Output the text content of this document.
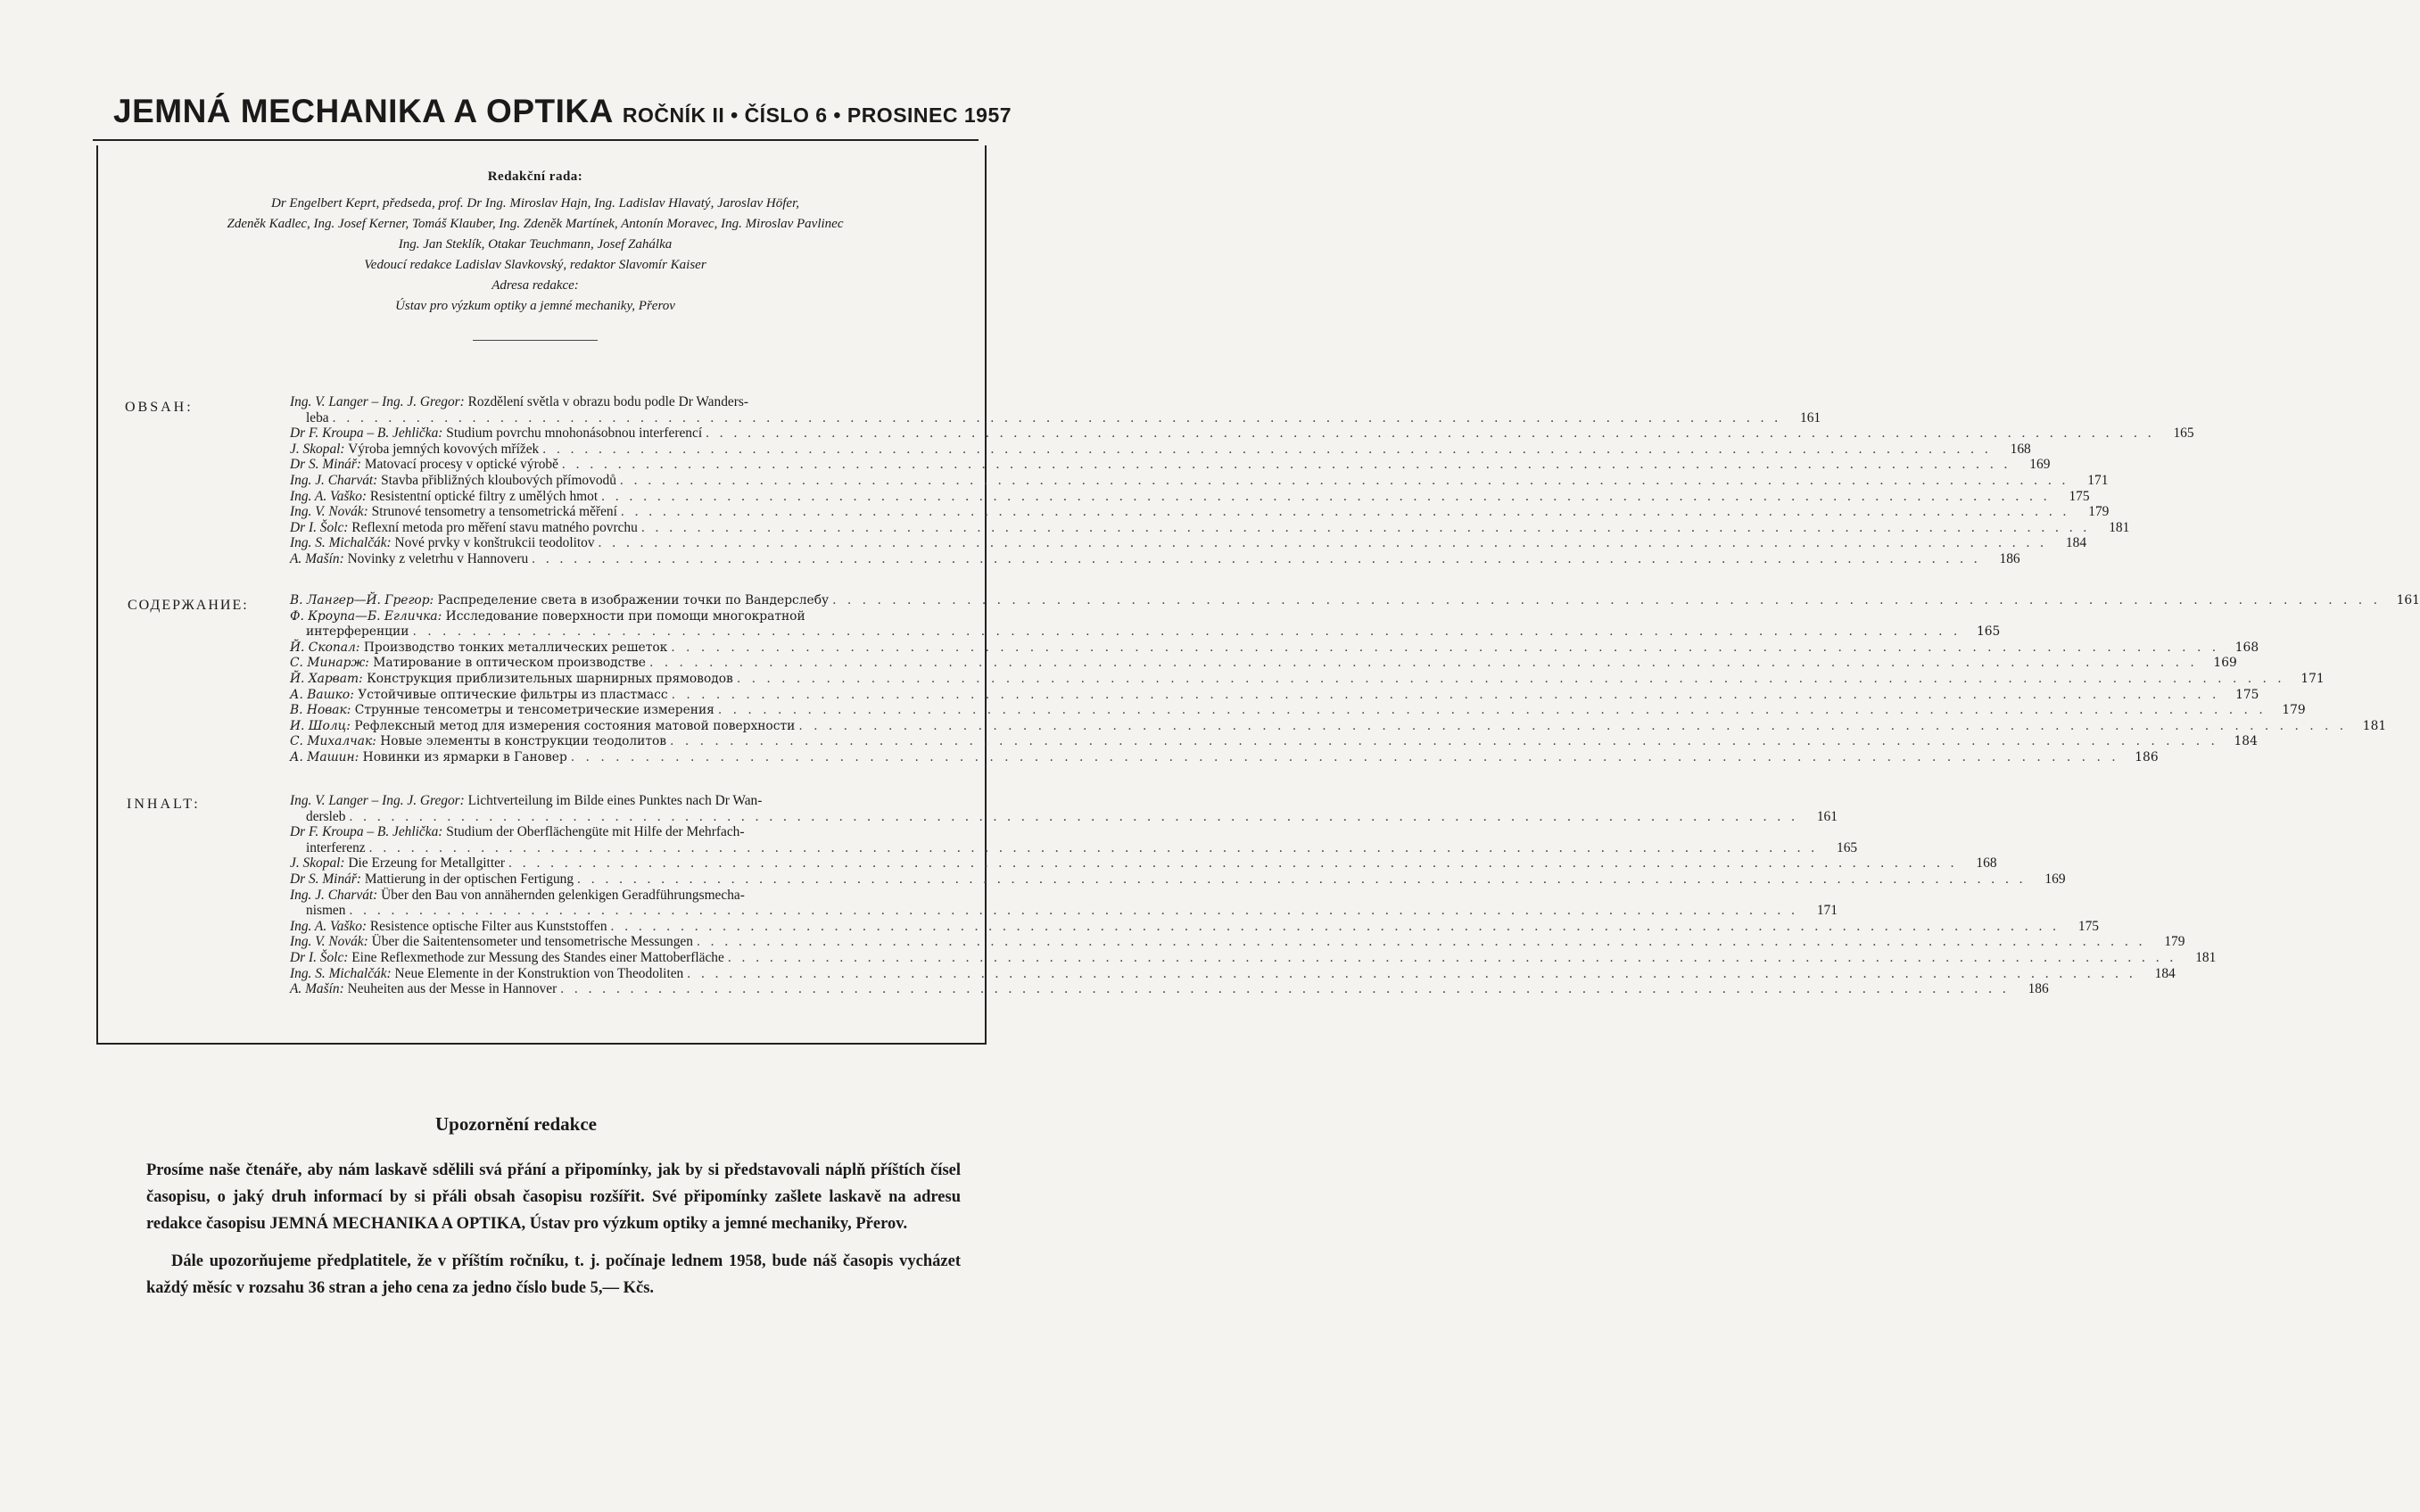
JEMNÁ MECHANIKA A OPTIKA ROČNÍK II • ČÍSLO 6 • PROSINEC 1957
Redakční rada:
Dr Engelbert Keprt, předseda, prof. Dr Ing. Miroslav Hajn, Ing. Ladislav Hlavatý, Jaroslav Höfer,
Zdeněk Kadlec, Ing. Josef Kerner, Tomáš Klauber, Ing. Zdeněk Martínek, Antonín Moravec, Ing. Miroslav Pavlinec
Ing. Jan Steklík, Otakar Teuchmann, Josef Zahálka
Vedoucí redakce Ladislav Slavkovský, redaktor Slavomír Kaiser
Adresa redakce:
Ústav pro výzkum optiky a jemné mechaniky, Přerov
OBSAH:	Ing. V. Langer – Ing. J. Gregor: Rozdělení světla v obrazu bodu podle Dr Wanders-
leba . . .	161
Dr F. Kroupa – B. Jehlička: Studium povrchu mnohonásobnou interferencí . . .	165
J. Skopal: Výroba jemných kovových mřížek . . .	168
Dr S. Minář: Matovací procesy v optické výrobě . . .	169
Ing. J. Charvát: Stavba přibližných kloubových přímovodů . . .	171
Ing. A. Vaško: Resistentní optické filtry z umělých hmot . . .	175
Ing. V. Novák: Strunové tensometry a tensometrická měření . . .	179
Dr I. Šolc: Reflexní metoda pro měření stavu matného povrchu . . .	181
Ing. S. Michalčák: Nové prvky v konštrukcii teodolitov . . .	184
A. Mašín: Novinky z veletrhu v Hannoveru . . .	186
СОДЕРЖАНИЕ:	В. Лангер—Й. Грегор: Распределение света в изображении точки по Вандерслебу . . .	161
Ф. Кроупа—Б. Егличка: Исследование поверхности при помощи многократной
интерференции . . .	165
Й. Скопал: Производство тонких металлических решеток . . .	168
С. Минарж: Матирование в оптическом производстве . . .	169
Й. Харват: Конструкция приблизительных шарнирных прямоводов . . .	171
А. Вашко: Устойчивые оптические фильтры из пластмасс . . .	175
В. Новак: Струнные тенсометры и тенсометрические измерения . . .	179
И. Шолц: Рефлексный метод для измерения состояния матовой поверхности . . .	181
С. Михалчак: Новые элементы в конструкции теодолитов . . .	184
А. Машин: Новинки из ярмарки в Гановер . . .	186
INHALT:	Ing. V. Langer – Ing. J. Gregor: Lichtverteilung im Bilde eines Punktes nach Dr Wan-
dersleb . . .	161
Dr F. Kroupa – B. Jehlička: Studium der Oberflächengüte mit Hilfe der Mehrfach-
interferenz . . .	165
J. Skopal: Die Erzeung for Metallgitter . . .	168
Dr S. Minář: Mattierung in der optischen Fertigung . . .	169
Ing. J. Charvát: Über den Bau von annähernden gelenkigen Geradführungsmecha-
nismen . . .	171
Ing. A. Vaško: Resistence optische Filter aus Kunststoffen . . .	175
Ing. V. Novák: Über die Saitentensometer und tensometrische Messungen . . .	179
Dr I. Šolc: Eine Reflexmethode zur Messung des Standes einer Mattoberfläche . . .	181
Ing. S. Michalčák: Neue Elemente in der Konstruktion von Theodoliten . . .	184
A. Mašín: Neuheiten aus der Messe in Hannover . . .	186
Upozornění redakce

Prosíme naše čtenáře, aby nám laskavě sdělili svá přání a připomínky, jak by si představovali náplň příštích čísel časopisu, o jaký druh informací by si přáli obsah časopisu rozšířit. Své připomínky zašlete laskavě na adresu redakce časopisu JEMNÁ MECHANIKA A OPTIKA, Ústav pro výzkum optiky a jemné mechaniky, Přerov.

Dále upozorňujeme předplatitele, že v příštím ročníku, t. j. počínaje lednem 1958, bude náš časopis vycházet každý měsíc v rozsahu 36 stran a jeho cena za jedno číslo bude 5,— Kčs.
